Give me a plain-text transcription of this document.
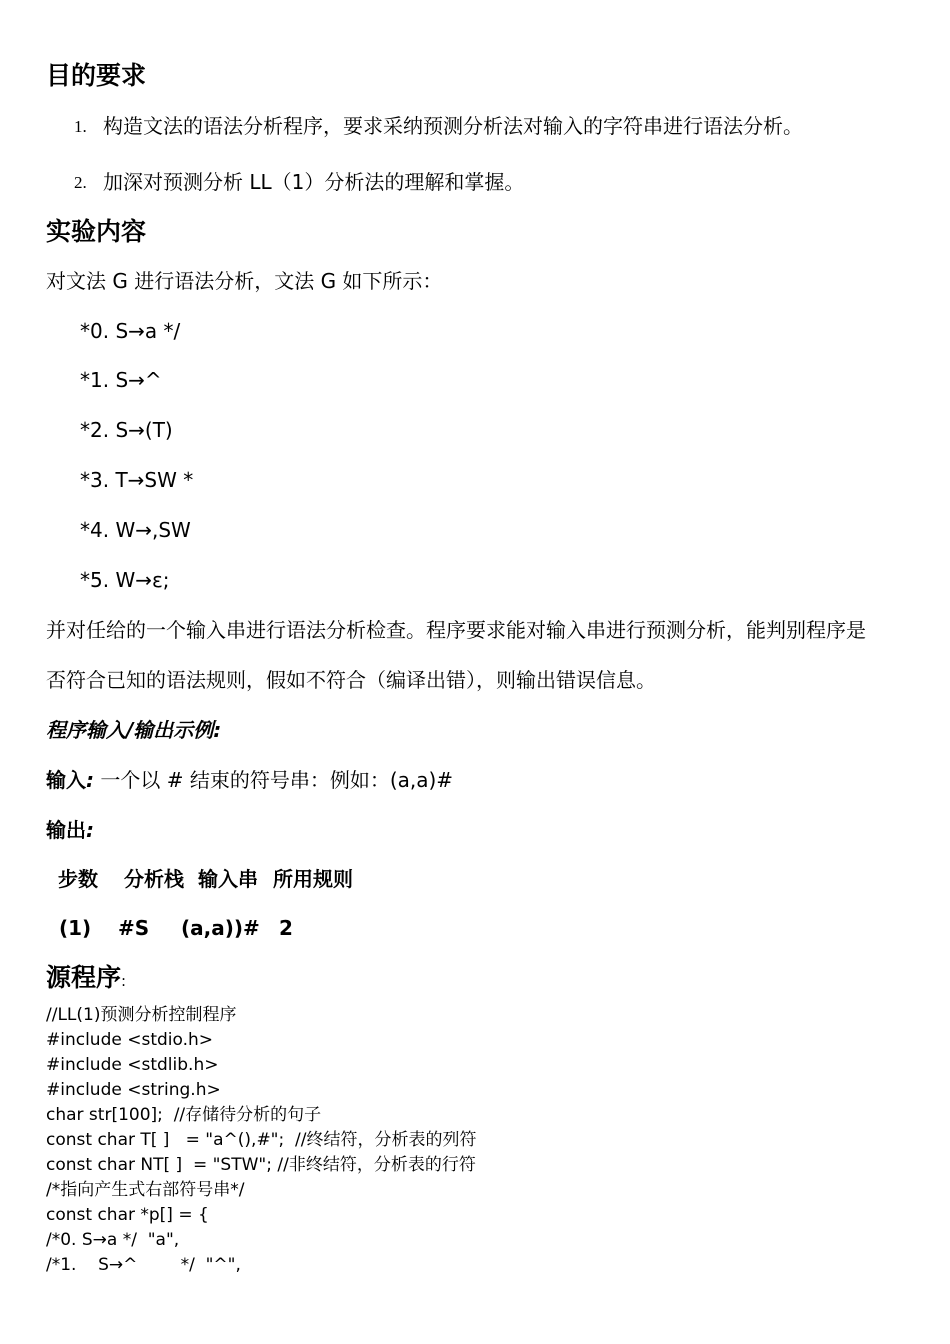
目的要求
1. 构造文法的语法分析程序，要求采纳预测分析法对输入的字符串进行语法分析。
2. 加深对预测分析 LL（1）分析法的理解和掌握。
实验内容
对文法 G 进行语法分析，文法 G 如下所示：
*0. S→a */
*1. S→^
*2. S→(T)
*3. T→SW *
*4. W→,SW
*5. W→ε;
并对任给的一个输入串进行语法分析检查。程序要求能对输入串进行预测分析，能判别程序是
否符合已知的语法规则，假如不符合（编译出错），则输出错误信息。
程序输入/输出示例:
输入: 一个以 # 结束的符号串：例如：(a,a)#
输出:
步数 分析栈 输入串 所用规则
(1) #S (a,a))# 2
源程序:
//LL(1)预测分析控制程序
#include <stdio.h>
#include <stdlib.h>
#include <string.h>
char str[100];  //存储待分析的句子
const char T[ ]   = "a^(),#";  //终结符，分析表的列符
const char NT[ ]  = "STW"; //非终结符，分析表的行符
/*指向产生式右部符号串*/
const char *p[] = {
/*0. S→a */  "a",
/*1.    S→^        */  "^",
